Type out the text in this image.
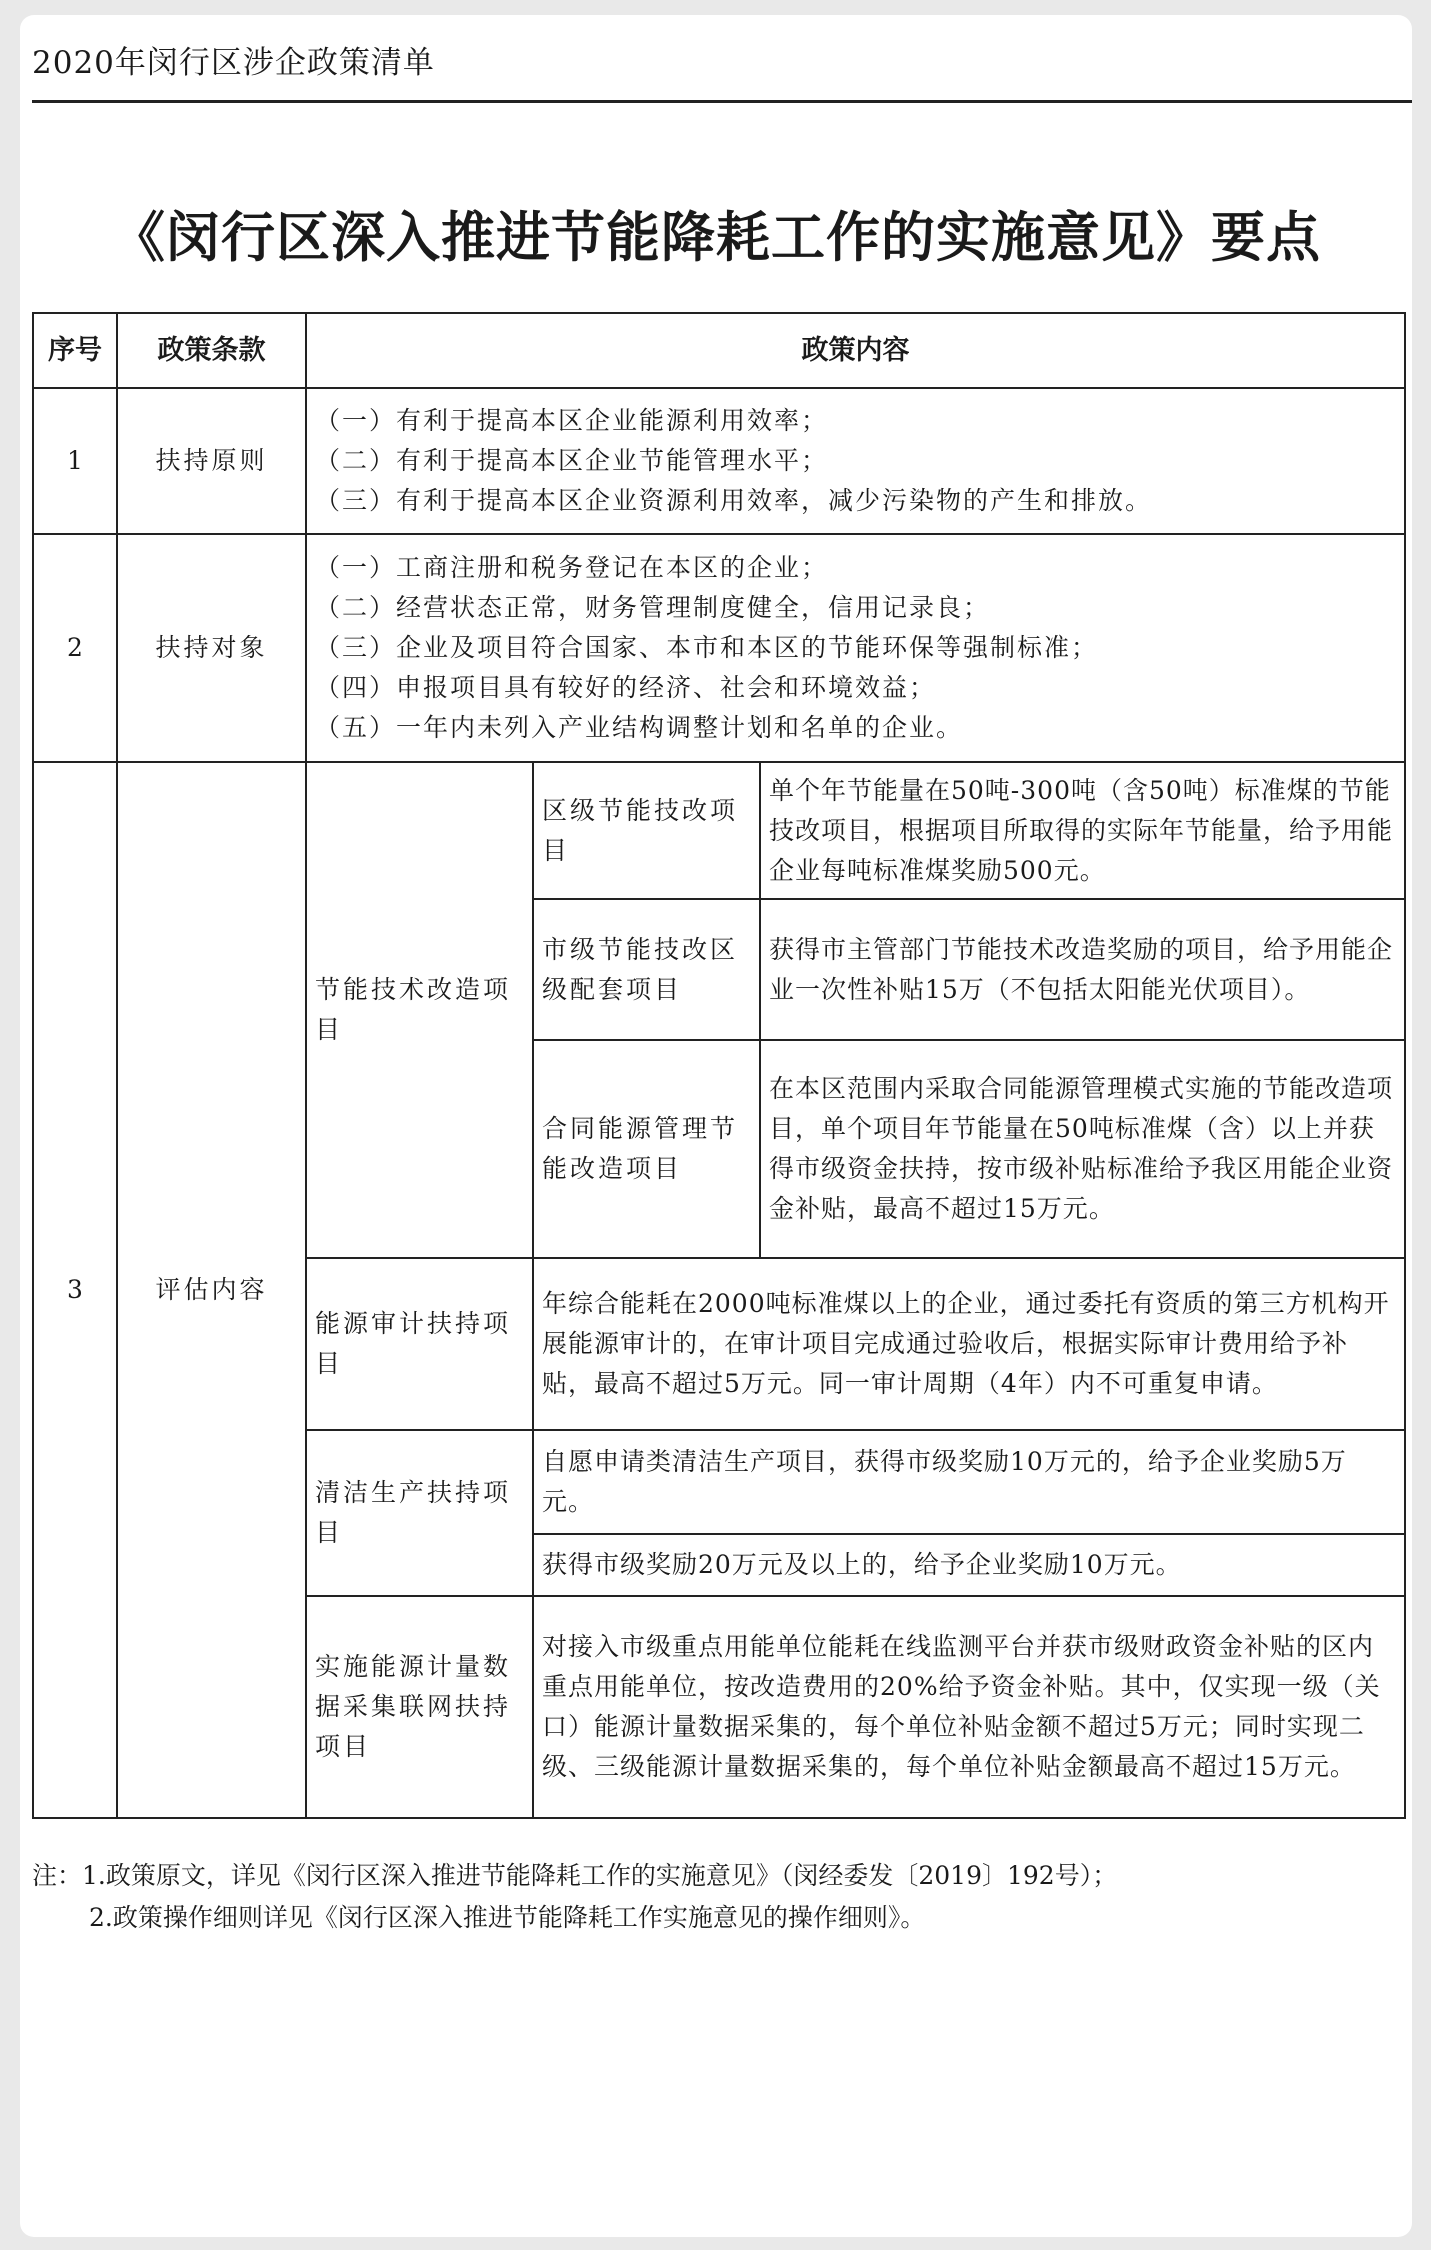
2020年闵行区涉企政策清单
《闵行区深入推进节能降耗工作的实施意见》要点
序号	政策条款	政策内容		
1	扶持原则	（一）有利于提高本区企业能源利用效率；
（二）有利于提高本区企业节能管理水平；
（三）有利于提高本区企业资源利用效率，减少污染物的产生和排放。		

2	扶持对象	（一）工商注册和税务登记在本区的企业；
（二）经营状态正常，财务管理制度健全，信用记录良；
（三）企业及项目符合国家、本市和本区的节能环保等强制标准；
（四）申报项目具有较好的经济、社会和环境效益；
（五）一年内未列入产业结构调整计划和名单的企业。		

3	评估内容	节能技术改造项目	区级节能技改项目	单个年节能量在50吨-300吨（含50吨）标准煤的节能技改项目，根据项目所取得的实际年节能量，给予用能企业每吨标准煤奖励500元。
			市级节能技改区级配套项目	获得市主管部门节能技术改造奖励的项目，给予用能企业一次性补贴15万（不包括太阳能光伏项目）。
			合同能源管理节能改造项目	在本区范围内采取合同能源管理模式实施的节能改造项目，单个项目年节能量在50吨标准煤（含）以上并获得市级资金扶持，按市级补贴标准给予我区用能企业资金补贴，最高不超过15万元。
		能源审计扶持项目	年综合能耗在2000吨标准煤以上的企业，通过委托有资质的第三方机构开展能源审计的，在审计项目完成通过验收后，根据实际审计费用给予补贴，最高不超过5万元。同一审计周期（4年）内不可重复申请。	
		清洁生产扶持项目	自愿申请类清洁生产项目，获得市级奖励10万元的，给予企业奖励5万元。	
			获得市级奖励20万元及以上的，给予企业奖励10万元。	
		实施能源计量数据采集联网扶持项目	对接入市级重点用能单位能耗在线监测平台并获市级财政资金补贴的区内重点用能单位，按改造费用的20%给予资金补贴。其中，仅实现一级（关口）能源计量数据采集的，每个单位补贴金额不超过5万元；同时实现二级、三级能源计量数据采集的，每个单位补贴金额最高不超过15万元。	
注：1.政策原文，详见《闵行区深入推进节能降耗工作的实施意见》（闵经委发〔2019〕192号）；
2.政策操作细则详见《闵行区深入推进节能降耗工作实施意见的操作细则》。
